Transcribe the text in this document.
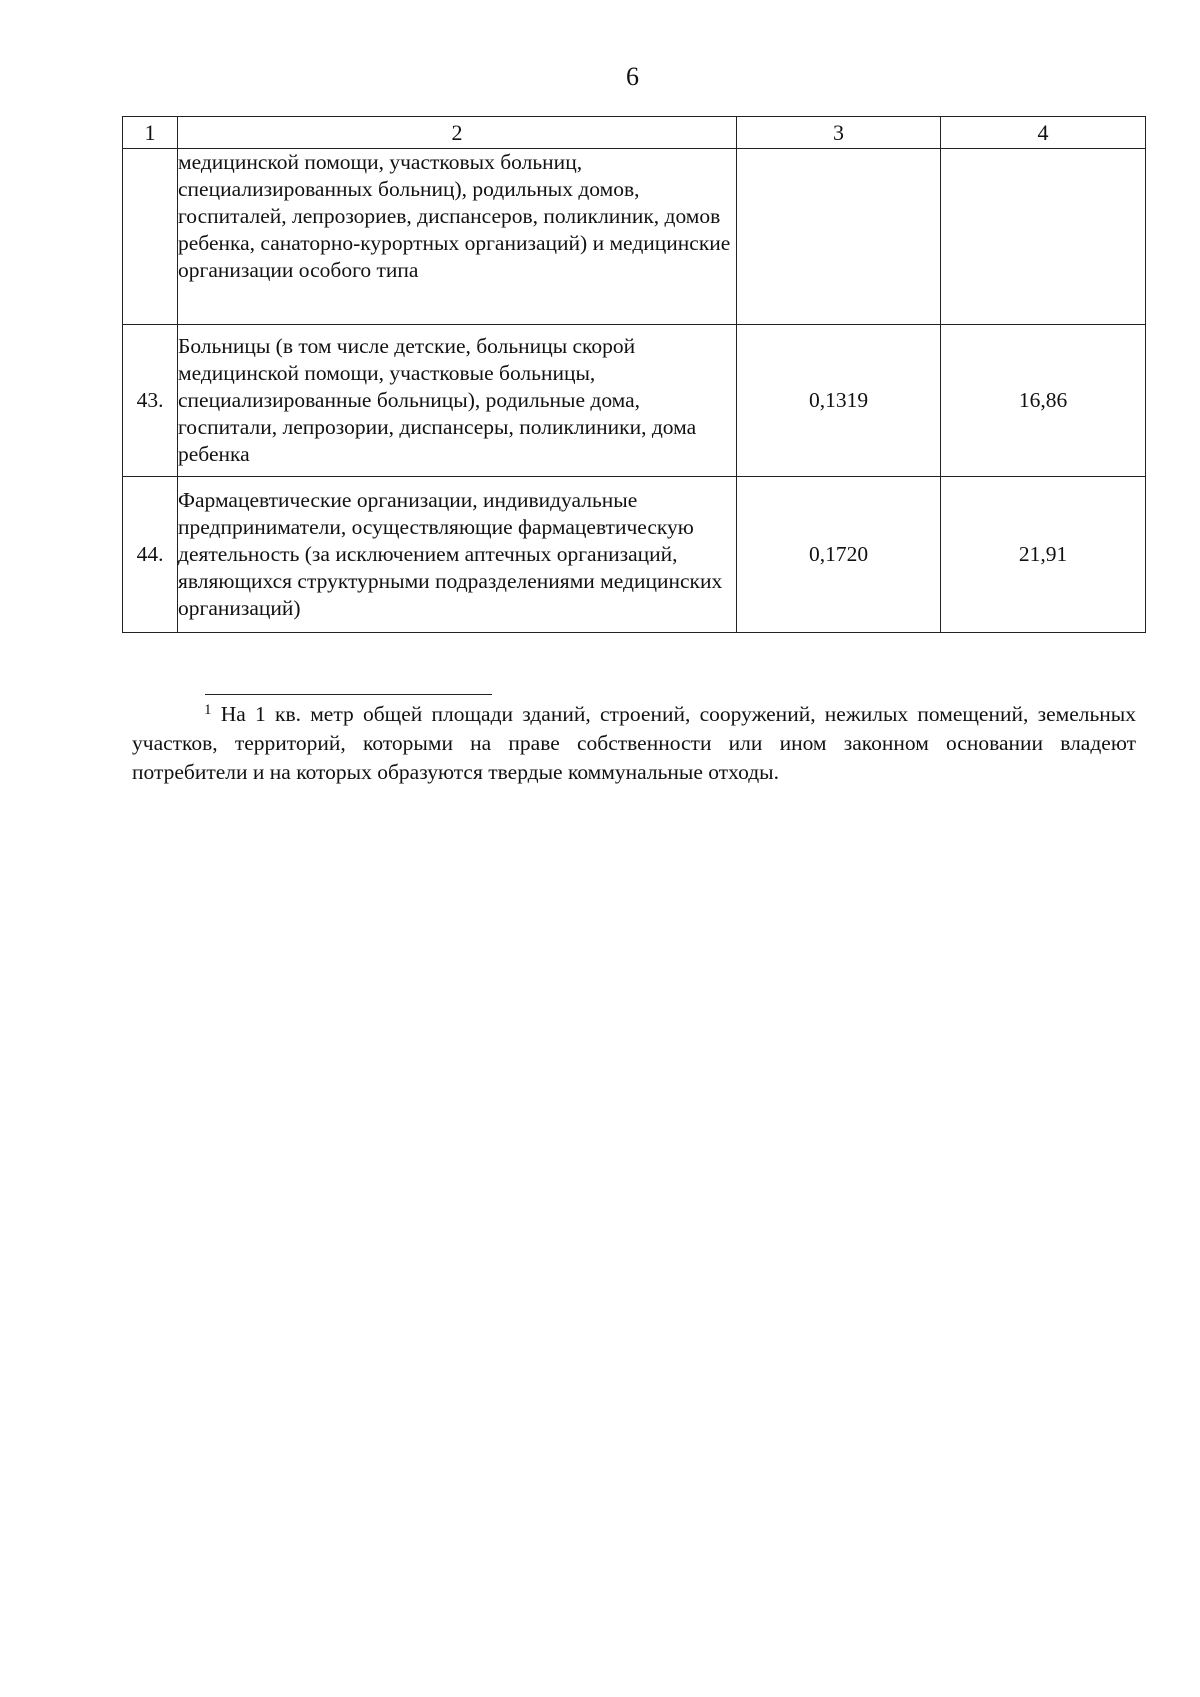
6
1	2	3	4
	медицинской помощи, участковых больниц, специализированных больниц), родильных домов, госпиталей, лепрозориев, диспансеров, поликлиник, домов ребенка, санаторно-курортных организаций) и медицинские организации особого типа		
43.	Больницы (в том числе детские, больницы скорой медицинской помощи, участковые больницы, специализированные больницы), родильные дома, госпитали, лепрозории, диспансеры, поликлиники, дома ребенка	0,1319	16,86
44.	Фармацевтические организации, индивидуальные предприниматели, осуществляющие фармацевтическую деятельность (за исключением аптечных организаций, являющихся структурными подразделениями медицинских организаций)	0,1720	21,91
$^1$ На 1 кв. метр общей площади зданий, строений, сооружений, нежилых помещений, земельных участков, территорий, которыми на праве собственности или ином законном основании владеют потребители и на которых образуются твердые коммунальные отходы.
